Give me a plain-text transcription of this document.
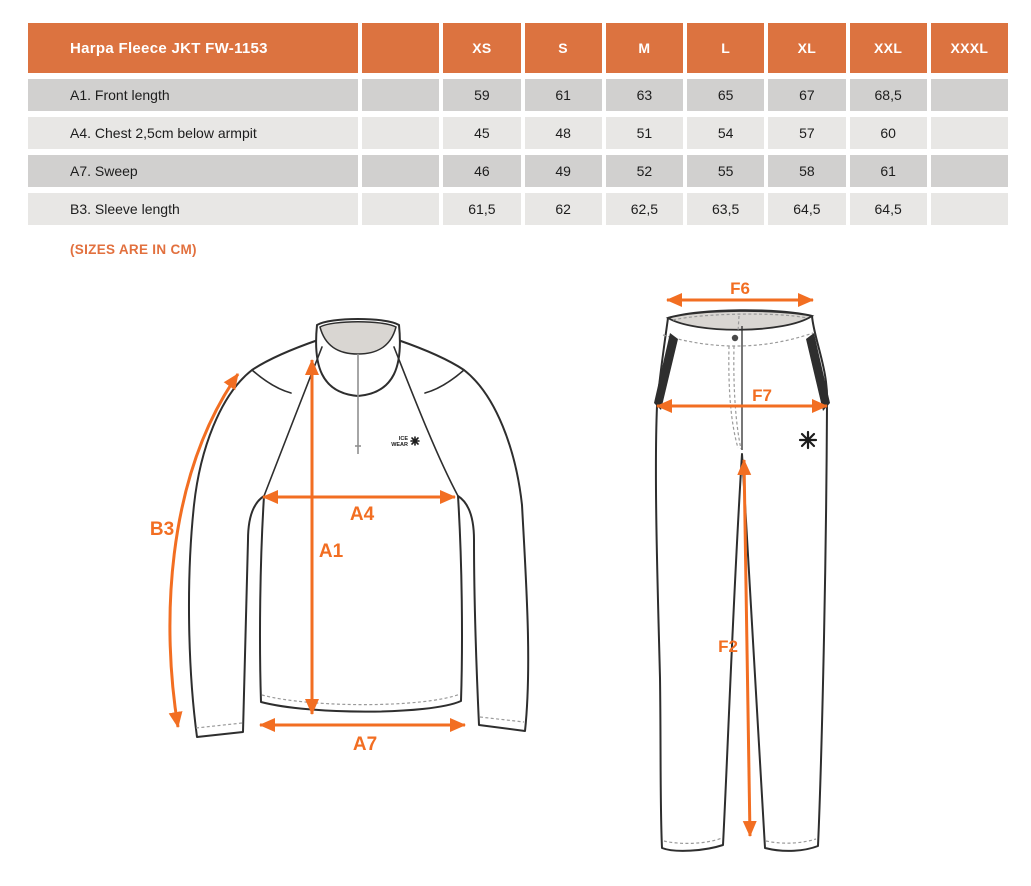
Harpa Fleece JKT FW-1153	XS	S	M	L	XL	XXL	XXXL
A1. Front length	59	61	63	65	67	68,5
A4. Chest 2,5cm below armpit	45	48	51	54	57	60
A7. Sweep	46	49	52	55	58	61
B3. Sleeve length	61,5	62	62,5	63,5	64,5	64,5
(SIZES ARE IN CM)
ICE
WEAR
B3
A1
A4
A7
F6
F7
F2
